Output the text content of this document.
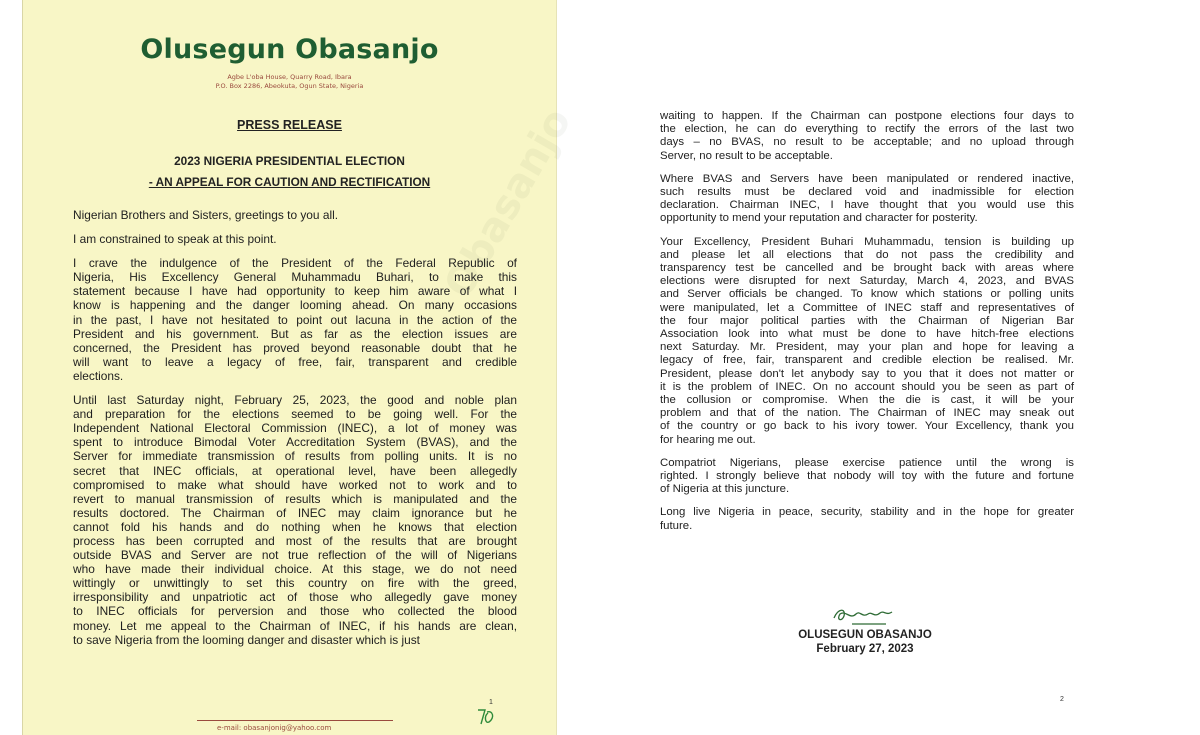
Obasanjo
Olusegun Obasanjo
Agbe L'oba House, Quarry Road, Ibara
P.O. Box 2286, Abeokuta, Ogun State, Nigeria
PRESS RELEASE
2023 NIGERIA PRESIDENTIAL ELECTION
- AN APPEAL FOR CAUTION AND RECTIFICATION
Nigerian Brothers and Sisters, greetings to you all.
I am constrained to speak at this point.
I crave the indulgence of the President of the Federal Republic of
Nigeria, His Excellency General Muhammadu Buhari, to make this
statement because I have had opportunity to keep him aware of what I
know is happening and the danger looming ahead. On many occasions
in the past, I have not hesitated to point out lacuna in the action of the
President and his government. But as far as the election issues are
concerned, the President has proved beyond reasonable doubt that he
will want to leave a legacy of free, fair, transparent and credible
elections.
Until last Saturday night, February 25, 2023, the good and noble plan
and preparation for the elections seemed to be going well. For the
Independent National Electoral Commission (INEC), a lot of money was
spent to introduce Bimodal Voter Accreditation System (BVAS), and the
Server for immediate transmission of results from polling units. It is no
secret that INEC officials, at operational level, have been allegedly
compromised to make what should have worked not to work and to
revert to manual transmission of results which is manipulated and the
results doctored. The Chairman of INEC may claim ignorance but he
cannot fold his hands and do nothing when he knows that election
process has been corrupted and most of the results that are brought
outside BVAS and Server are not true reflection of the will of Nigerians
who have made their individual choice. At this stage, we do not need
wittingly or unwittingly to set this country on fire with the greed,
irresponsibility and unpatriotic act of those who allegedly gave money
to INEC officials for perversion and those who collected the blood
money. Let me appeal to the Chairman of INEC, if his hands are clean,
to save Nigeria from the looming danger and disaster which is just
1
e-mail: obasanjonig@yahoo.com
waiting to happen. If the Chairman can postpone elections four days to
the election, he can do everything to rectify the errors of the last two
days – no BVAS, no result to be acceptable; and no upload through
Server, no result to be acceptable.
Where BVAS and Servers have been manipulated or rendered inactive,
such results must be declared void and inadmissible for election
declaration. Chairman INEC, I have thought that you would use this
opportunity to mend your reputation and character for posterity.
Your Excellency, President Buhari Muhammadu, tension is building up
and please let all elections that do not pass the credibility and
transparency test be cancelled and be brought back with areas where
elections were disrupted for next Saturday, March 4, 2023, and BVAS
and Server officials be changed. To know which stations or polling units
were manipulated, let a Committee of INEC staff and representatives of
the four major political parties with the Chairman of Nigerian Bar
Association look into what must be done to have hitch-free elections
next Saturday. Mr. President, may your plan and hope for leaving a
legacy of free, fair, transparent and credible election be realised. Mr.
President, please don't let anybody say to you that it does not matter or
it is the problem of INEC. On no account should you be seen as part of
the collusion or compromise. When the die is cast, it will be your
problem and that of the nation. The Chairman of INEC may sneak out
of the country or go back to his ivory tower. Your Excellency, thank you
for hearing me out.
Compatriot Nigerians, please exercise patience until the wrong is
righted. I strongly believe that nobody will toy with the future and fortune
of Nigeria at this juncture.
Long live Nigeria in peace, security, stability and in the hope for greater
future.
OLUSEGUN OBASANJO
February 27, 2023
2
